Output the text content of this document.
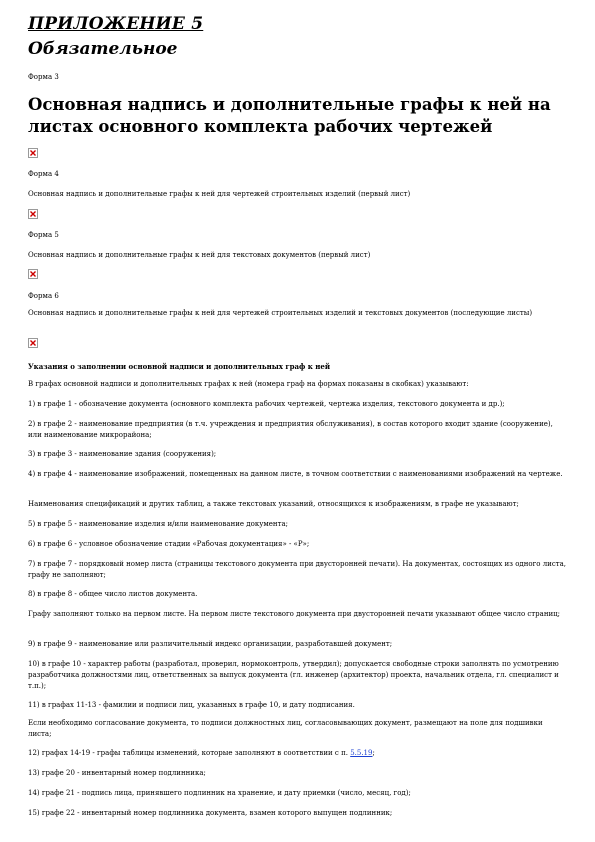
ПРИЛОЖЕНИЕ 5
Обязательное
Форма 3
Основная надпись и дополнительные графы к ней на листах основного комплекта рабочих чертежей
Форма 4
Основная надпись и дополнительные графы к ней для чертежей строительных изделий (первый лист)
Форма 5
Основная надпись и дополнительные графы к ней для текстовых документов (первый лист)
Форма 6
Основная надпись и дополнительные графы к ней для чертежей строительных изделий и текстовых документов (последующие листы)
Указания о заполнении основной надписи и дополнительных граф к ней
В графах основной надписи и дополнительных графах к ней (номера граф на формах показаны в скобках) указывают:
1) в графе 1 - обозначение документа (основного комплекта рабочих чертежей, чертежа изделия, текстового документа и др.);
2) в графе 2 - наименование предприятия (в т.ч. учреждения и предприятия обслуживания), в состав которого входит здание (сооружение), или наименование микрорайона;
3) в графе 3 - наименование здания (сооружения);
4) в графе 4 - наименование изображений, помещенных на данном листе, в точном соответствии с наименованиями изображений на чертеже.
Наименования спецификаций и других таблиц, а также текстовых указаний, относящихся к изображениям, в графе не указывают;
5) в графе 5 - наименование изделия и/или наименование документа;
6) в графе 6 - условное обозначение стадии «Рабочая документация» - «Р»;
7) в графе 7 - порядковый номер листа (страницы текстового документа при двусторонней печати). На документах, состоящих из одного листа, графу не заполняют;
8) в графе 8 - общее число листов документа.
Графу заполняют только на первом листе. На первом листе текстового документа при двусторонней печати указывают общее число страниц;
9) в графе 9 - наименование или различительный индекс организации, разработавшей документ;
10) в графе 10 - характер работы (разработал, проверил, нормоконтроль, утвердил); допускается свободные строки заполнять по усмотрению разработчика должностями лиц, ответственных за выпуск документа (гл. инженер (архитектор) проекта, начальник отдела, гл. специалист и т.п.);
11) в графах 11-13 - фамилии и подписи лиц, указанных в графе 10, и дату подписания.
Если необходимо согласование документа, то подписи должностных лиц, согласовывающих документ, размещают на поле для подшивки листа;
12) графах 14-19 - графы таблицы изменений, которые заполняют в соответствии с п. 5.5.19;
13) графе 20 - инвентарный номер подлинника;
14) графе 21 - подпись лица, принявшего подлинник на хранение, и дату приемки (число, месяц, год);
15) графе 22 - инвентарный номер подлинника документа, взамен которого выпущен подлинник;
